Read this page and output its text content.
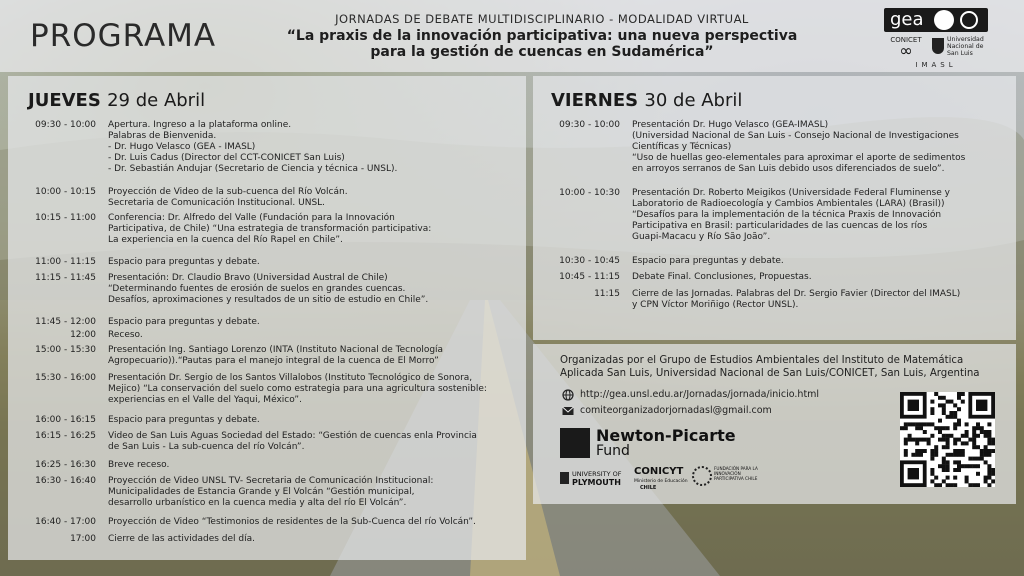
PROGRAMA	JORNADAS DE DEBATE MULTIDISCIPLINARIO - MODALIDAD VIRTUAL
“La praxis de la innovación participativa: una nueva perspectiva
para la gestión de cuencas en Sudamérica”
gea
CONICET
∞
Universidad Nacional de San Luis
IMASL
JUEVES 29 de Abril	VIERNES 30 de Abril
09:30 - 10:00 Apertura. Ingreso a la plataforma online.
Palabras de Bienvenida.
- Dr. Hugo Velasco (GEA - IMASL)
- Dr. Luis Cadus (Director del CCT-CONICET San Luis)
- Dr. Sebastián Andujar (Secretario de Ciencia y técnica - UNSL).
10:00 - 10:15 Proyección de Video de la sub-cuenca del Río Volcán.
Secretaria de Comunicación Institucional. UNSL.
10:15 - 11:00 Conferencia: Dr. Alfredo del Valle (Fundación para la Innovación
Participativa, de Chile) “Una estrategia de transformación participativa:
La experiencia en la cuenca del Río Rapel en Chile”.
11:00 - 11:15 Espacio para preguntas y debate.
11:15 - 11:45 Presentación: Dr. Claudio Bravo (Universidad Austral de Chile)
“Determinando fuentes de erosión de suelos en grandes cuencas.
Desafíos, aproximaciones y resultados de un sitio de estudio en Chile”.
11:45 - 12:00 Espacio para preguntas y debate.
12:00 Receso.
15:00 - 15:30 Presentación Ing. Santiago Lorenzo (INTA (Instituto Nacional de Tecnología
Agropecuario)).“Pautas para el manejo integral de la cuenca de El Morro”
15:30 - 16:00 Presentación Dr. Sergio de los Santos Villalobos (Instituto Tecnológico de Sonora,
Mejico) “La conservación del suelo como estrategia para una agricultura sostenible:
experiencias en el Valle del Yaqui, México”.
16:00 - 16:15 Espacio para preguntas y debate.
16:15 - 16:25 Video de San Luis Aguas Sociedad del Estado: “Gestión de cuencas enla Provincia
de San Luis - La sub-cuenca del río Volcán”.
16:25 - 16:30 Breve receso.
16:30 - 16:40 Proyección de Video UNSL TV- Secretaria de Comunicación Institucional:
Municipalidades de Estancia Grande y El Volcán “Gestión municipal,
desarrollo urbanístico en la cuenca media y alta del río El Volcán”.
16:40 - 17:00 Proyección de Video “Testimonios de residentes de la Sub-Cuenca del río Volcán”.
17:00 Cierre de las actividades del día.
09:30 - 10:00 Presentación Dr. Hugo Velasco (GEA-IMASL)
(Universidad Nacional de San Luis - Consejo Nacional de Investigaciones
Científicas y Técnicas)
“Uso de huellas geo-elementales para aproximar el aporte de sedimentos
en arroyos serranos de San Luis debido usos diferenciados de suelo”.
10:00 - 10:30 Presentación Dr. Roberto Meigikos (Universidade Federal Fluminense y
Laboratorio de Radioecología y Cambios Ambientales (LARA) (Brasil))
“Desafíos para la implementación de la técnica Praxis de Innovación
Participativa en Brasil: particularidades de las cuencas de los ríos
Guapi-Macacu y Río São João”.
10:30 - 10:45 Espacio para preguntas y debate.
10:45 - 11:15 Debate Final. Conclusiones, Propuestas.
11:15 Cierre de las Jornadas. Palabras del Dr. Sergio Favier (Director del IMASL)
y CPN Víctor Moriñigo (Rector UNSL).
Organizadas por el Grupo de Estudios Ambientales del Instituto de Matemática Aplicada San Luis, Universidad Nacional de San Luis/CONICET, San Luis, Argentina
http://gea.unsl.edu.ar/Jornadas/jornada/inicio.html
comiteorganizadorjornadasl@gmail.com
Newton-Picarte
Fund
UNIVERSITY OF
PLYMOUTH
CONICYT
Ministerio de Educación
CHILE
FUNDACIÓN PARA LA INNOVACIÓN PARTICIPATIVA CHILE
